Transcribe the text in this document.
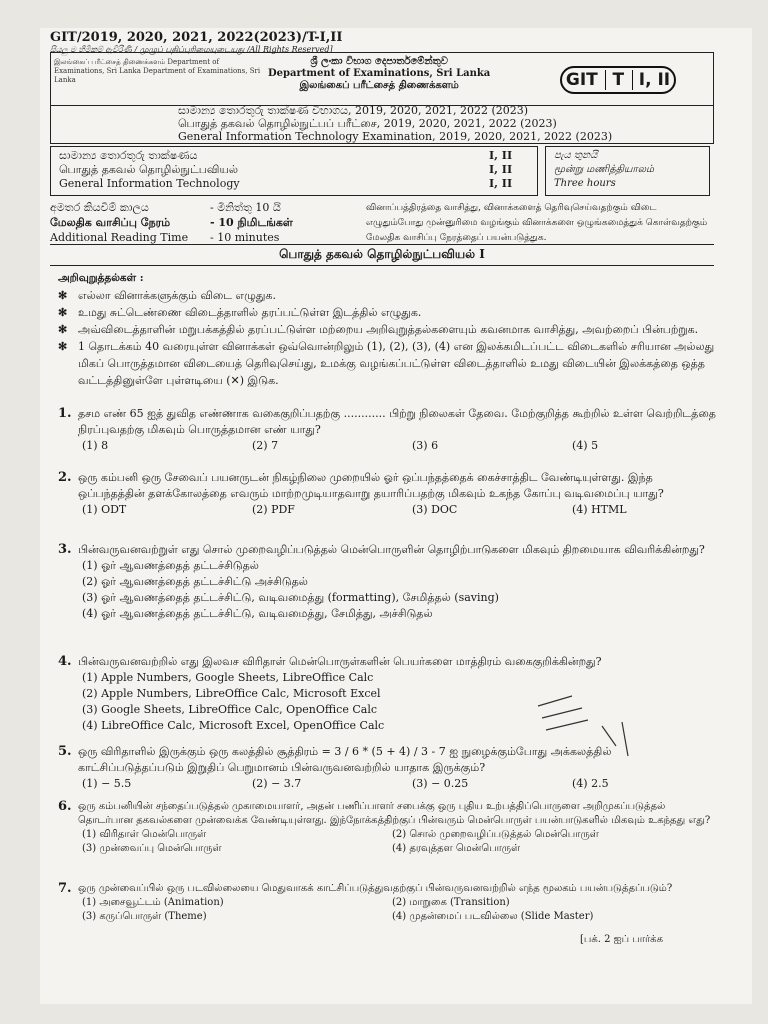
GIT/2019, 2020, 2021, 2022(2023)/T-I,II
සියලු ම හිමිකම් ඇවිරිණි / முழுப் பதிப்புரிமையுடையது /All Rights Reserved]
இலங்கைப் பரீட்சைத் திணைக்களம் Department of Examinations, Sri Lanka Department of Examinations, Sri Lanka
ශ්‍රී ලංකා විභාග දෙපාර්තමේන්තුව
Department of Examinations, Sri Lanka
இலங்கைப் பரீட்சைத் திணைக்களம்	GIT T I, II
සාමාන්‍ය තොරතුරු තාක්ෂණ විභාගය, 2019, 2020, 2021, 2022 (2023)
பொதுத் தகவல் தொழில்நுட்பப் பரீட்சை, 2019, 2020, 2021, 2022 (2023)
General Information Technology Examination, 2019, 2020, 2021, 2022 (2023)
සාමාන්‍ය තොරතුරු තාක්ෂණය	I, II
பொதுத் தகவல் தொழில்நுட்பவியல்	I, II
General Information Technology	I, II
පැය තුනයි
மூன்று மணித்தியாலம்
Three hours
අමතර කියවීම් කාලය	- මිනිත්තු 10 යි
மேலதிக வாசிப்பு நேரம்	- 10 நிமிடங்கள்
Additional Reading Time	- 10 minutes
வினாப்பத்திரத்தை வாசித்து, வினாக்களைத் தெரிவுசெய்வதற்கும் விடை எழுதும்போது முன்னுரிமை வழங்கும் வினாக்களை ஒழுங்கமைத்துக் கொள்வதற்கும் மேலதிக வாசிப்பு நேரத்தைப் பயன்படுத்துக.
பொதுத் தகவல் தொழில்நுட்பவியல் I
அறிவுறுத்தல்கள் :
✻ எல்லா வினாக்களுக்கும் விடை எழுதுக.
✻ உமது சுட்டெண்ணை விடைத்தாளில் தரப்பட்டுள்ள இடத்தில் எழுதுக.
✻ அவ்விடைத்தாளின் மறுபக்கத்தில் தரப்பட்டுள்ள மற்றைய அறிவுறுத்தல்களையும் கவனமாக வாசித்து, அவற்றைப் பின்பற்றுக.
✻ 1 தொடக்கம் 40 வரையுள்ள வினாக்கள் ஒவ்வொன்றிலும் (1), (2), (3), (4) என இலக்கமிடப்பட்ட விடைகளில் சரியான அல்லது மிகப் பொருத்தமான விடையைத் தெரிவுசெய்து, உமக்கு வழங்கப்பட்டுள்ள விடைத்தாளில் உமது விடையின் இலக்கத்தை ஒத்த வட்டத்தினுள்ளே புள்ளடியை (✕) இடுக.
1. தசம எண் 65 ஐத் துவித எண்ணாக வகைகுறிப்பதற்கு ............ பிற்று நிலைகள் தேவை. மேற்குறித்த கூற்றில் உள்ள வெற்றிடத்தை நிரப்புவதற்கு மிகவும் பொருத்தமான எண் யாது?
(1) 8	(2) 7	(3) 6	(4) 5
2. ஒரு கம்பனி ஒரு சேவைப் பயனருடன் நிகழ்நிலை முறையில் ஓர் ஒப்பந்தத்தைக் கைச்சாத்திட வேண்டியுள்ளது. இந்த ஒப்பந்தத்தின் தளக்கோலத்தை எவரும் மாற்றமுடியாதவாறு தயாரிப்பதற்கு மிகவும் உகந்த கோப்பு வடிவமைப்பு யாது?
(1) ODT	(2) PDF	(3) DOC	(4) HTML
3. பின்வருவனவற்றுள் எது சொல் முறைவழிப்படுத்தல் மென்பொருளின் தொழிற்பாடுகளை மிகவும் திறமையாக விவரிக்கின்றது?
(1) ஓர் ஆவணத்தைத் தட்டச்சிடுதல்
(2) ஓர் ஆவணத்தைத் தட்டச்சிட்டு அச்சிடுதல்
(3) ஓர் ஆவணத்தைத் தட்டச்சிட்டு, வடிவமைத்து (formatting), சேமித்தல் (saving)
(4) ஓர் ஆவணத்தைத் தட்டச்சிட்டு, வடிவமைத்து, சேமித்து, அச்சிடுதல்
4. பின்வருவனவற்றில் எது இலவச விரிதாள் மென்பொருள்களின் பெயர்களை மாத்திரம் வகைகுறிக்கின்றது?
(1) Apple Numbers, Google Sheets, LibreOffice Calc
(2) Apple Numbers, LibreOffice Calc, Microsoft Excel
(3) Google Sheets, LibreOffice Calc, OpenOffice Calc
(4) LibreOffice Calc, Microsoft Excel, OpenOffice Calc
5. ஒரு விரிதாளில் இருக்கும் ஒரு கலத்தில் சூத்திரம் = 3 / 6 * (5 + 4) / 3 - 7 ஐ நுழைக்கும்போது அக்கலத்தில் காட்சிப்படுத்தப்படும் இறுதிப் பெறுமானம் பின்வருவனவற்றில் யாதாக இருக்கும்?
(1) − 5.5	(2) − 3.7	(3) − 0.25	(4) 2.5
6. ஒரு கம்பனியின் சந்தைப்படுத்தல் முகாமையாளர், அதன் பணிப்பாளர் சபைக்கு ஒரு புதிய உற்பத்திப்பொருளை அறிமுகப்படுத்தல் தொடர்பான தகவல்களை முன்வைக்க வேண்டியுள்ளது. இந்நோக்கத்திற்குப் பின்வரும் மென்பொருள் பயன்பாடுகளில் மிகவும் உகந்தது எது?
(1) விரிதாள் மென்பொருள்	(2) சொல் முறைவழிப்படுத்தல் மென்பொருள்
(3) முன்வைப்பு மென்பொருள்	(4) தரவுத்தள மென்பொருள்
7. ஒரு முன்வைப்பில் ஒரு படவில்லையை மெதுவாகக் காட்சிப்படுத்துவதற்குப் பின்வருவனவற்றில் எந்த மூலகம் பயன்படுத்தப்படும்?
(1) அசைவூட்டம் (Animation)	(2) மாறுகை (Transition)
(3) கருப்பொருள் (Theme)	(4) முதன்மைப் படவில்லை (Slide Master)
[பக். 2 ஐப் பார்க்க
